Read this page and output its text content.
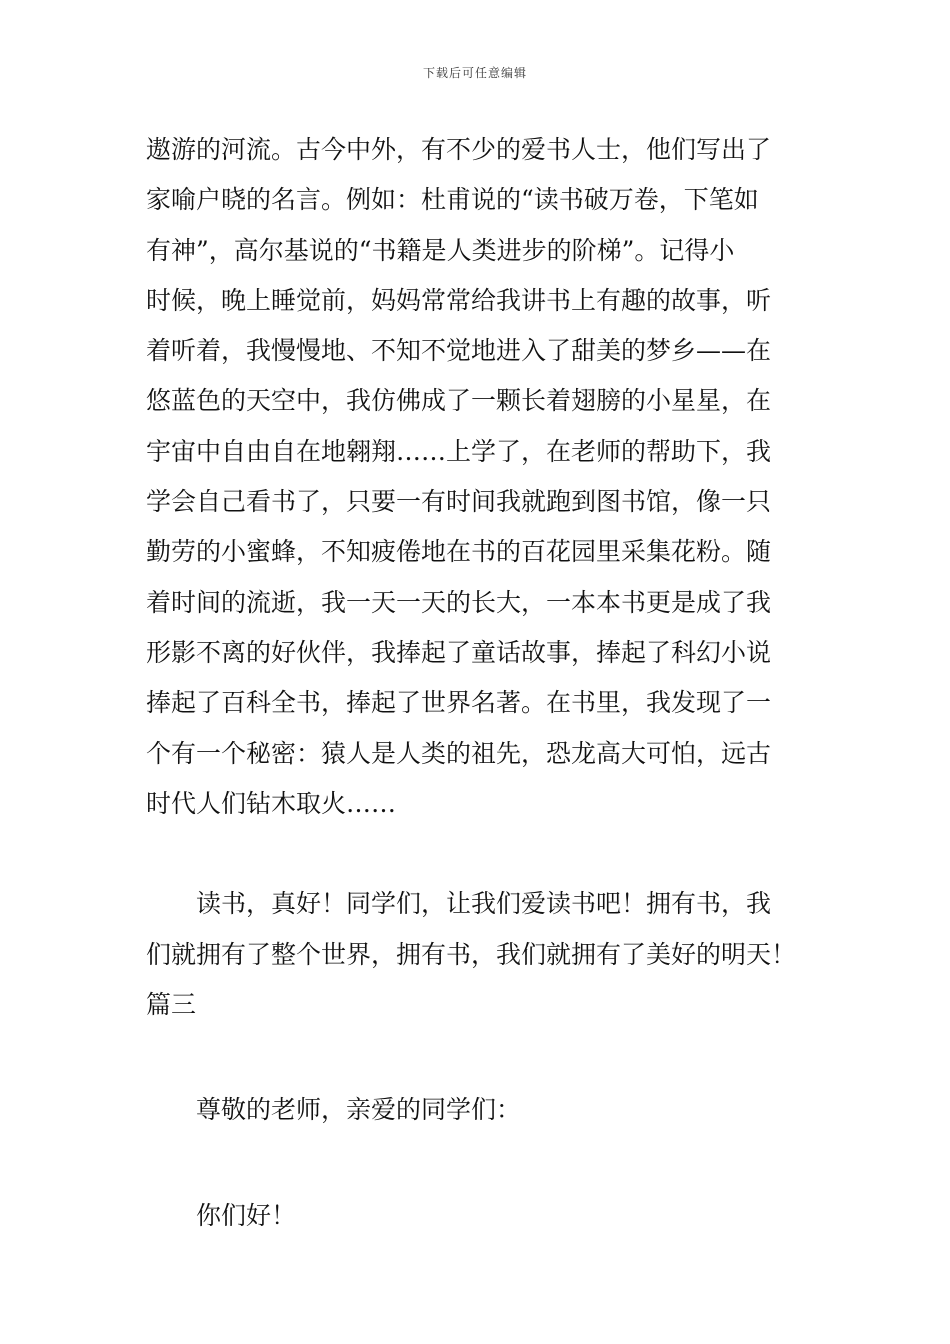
下载后可任意编辑
遨游的河流。古今中外，有不少的爱书人士，他们写出了
家喻户晓的名言。例如：杜甫说的“读书破万卷，下笔如
有神”，高尔基说的“书籍是人类进步的阶梯”。记得小
时候，晚上睡觉前，妈妈常常给我讲书上有趣的故事，听
着听着，我慢慢地、不知不觉地进入了甜美的梦乡——在
悠蓝色的天空中，我仿佛成了一颗长着翅膀的小星星，在
宇宙中自由自在地翱翔……上学了，在老师的帮助下，我
学会自己看书了，只要一有时间我就跑到图书馆，像一只
勤劳的小蜜蜂，不知疲倦地在书的百花园里采集花粉。随
着时间的流逝，我一天一天的长大，一本本书更是成了我
形影不离的好伙伴，我捧起了童话故事，捧起了科幻小说
捧起了百科全书，捧起了世界名著。在书里，我发现了一
个有一个秘密：猿人是人类的祖先，恐龙高大可怕，远古
时代人们钻木取火……
读书，真好！同学们，让我们爱读书吧！拥有书，我
们就拥有了整个世界，拥有书，我们就拥有了美好的明天！
篇三
尊敬的老师，亲爱的同学们：
你们好！
